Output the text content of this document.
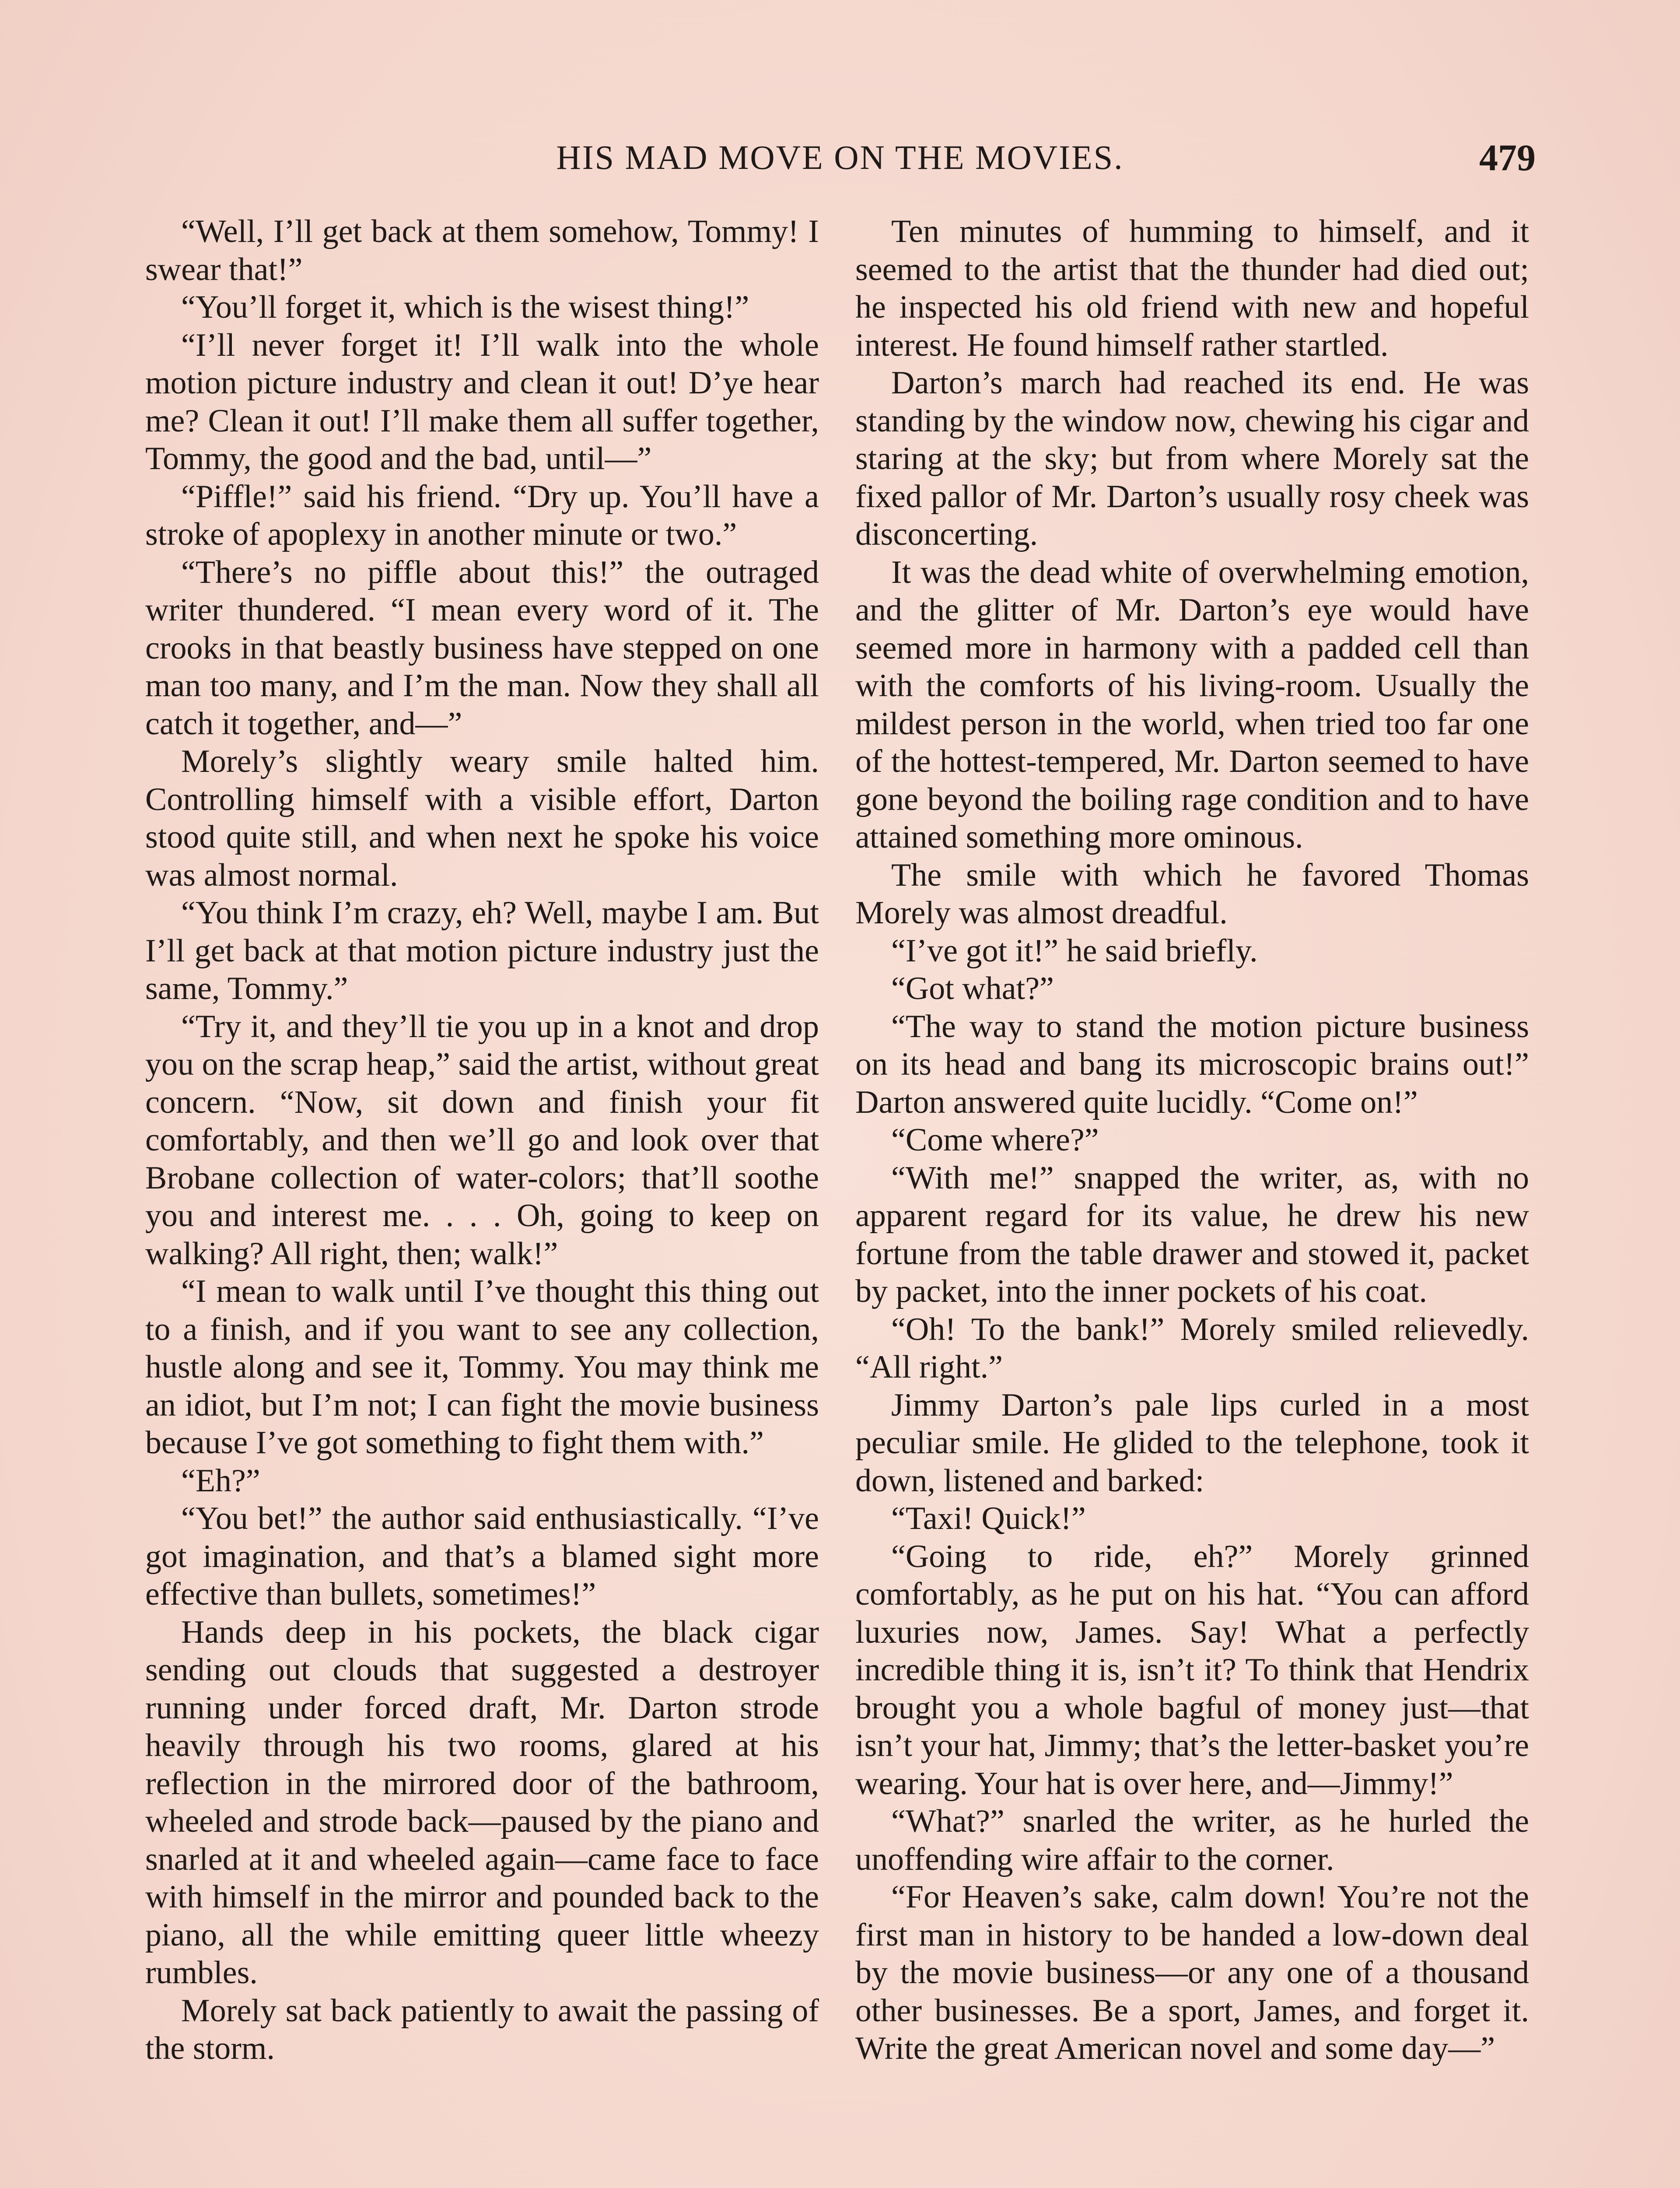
HIS MAD MOVE ON THE MOVIES.	479

“Well, I’ll get back at them somehow, Tommy! I swear that!”

“You’ll forget it, which is the wisest thing!”

“I’ll never forget it! I’ll walk into the whole motion picture industry and clean it out! D’ye hear me? Clean it out! I’ll make them all suffer together, Tommy, the good and the bad, until—”

“Piffle!” said his friend. “Dry up. You’ll have a stroke of apoplexy in another minute or two.”

“There’s no piffle about this!” the outraged writer thundered. “I mean every word of it. The crooks in that beastly business have stepped on one man too many, and I’m the man. Now they shall all catch it together, and—”

Morely’s slightly weary smile halted him. Controlling himself with a visible effort, Darton stood quite still, and when next he spoke his voice was almost normal.

“You think I’m crazy, eh? Well, maybe I am. But I’ll get back at that motion picture industry just the same, Tommy.”

“Try it, and they’ll tie you up in a knot and drop you on the scrap heap,” said the artist, without great concern. “Now, sit down and finish your fit comfortably, and then we’ll go and look over that Brobane collection of water-colors; that’ll soothe you and interest me. . . . Oh, going to keep on walking? All right, then; walk!”

“I mean to walk until I’ve thought this thing out to a finish, and if you want to see any collection, hustle along and see it, Tommy. You may think me an idiot, but I’m not; I can fight the movie business because I’ve got something to fight them with.”

“Eh?”

“You bet!” the author said enthusiastically. “I’ve got imagination, and that’s a blamed sight more effective than bullets, sometimes!”

Hands deep in his pockets, the black cigar sending out clouds that suggested a destroyer running under forced draft, Mr. Darton strode heavily through his two rooms, glared at his reflection in the mirrored door of the bathroom, wheeled and strode back—paused by the piano and snarled at it and wheeled again—came face to face with himself in the mirror and pounded back to the piano, all the while emitting queer little wheezy rumbles.

Morely sat back patiently to await the passing of the storm.

Ten minutes of humming to himself, and it seemed to the artist that the thunder had died out; he inspected his old friend with new and hopeful interest. He found himself rather startled.

Darton’s march had reached its end. He was standing by the window now, chewing his cigar and staring at the sky; but from where Morely sat the fixed pallor of Mr. Darton’s usually rosy cheek was disconcerting.

It was the dead white of overwhelming emotion, and the glitter of Mr. Darton’s eye would have seemed more in harmony with a padded cell than with the comforts of his living-room. Usually the mildest person in the world, when tried too far one of the hottest-tempered, Mr. Darton seemed to have gone beyond the boiling rage condition and to have attained something more ominous.

The smile with which he favored Thomas Morely was almost dreadful.

“I’ve got it!” he said briefly.

“Got what?”

“The way to stand the motion picture business on its head and bang its microscopic brains out!” Darton answered quite lucidly. “Come on!”

“Come where?”

“With me!” snapped the writer, as, with no apparent regard for its value, he drew his new fortune from the table drawer and stowed it, packet by packet, into the inner pockets of his coat.

“Oh! To the bank!” Morely smiled relievedly. “All right.”

Jimmy Darton’s pale lips curled in a most peculiar smile. He glided to the telephone, took it down, listened and barked:

“Taxi! Quick!”

“Going to ride, eh?” Morely grinned comfortably, as he put on his hat. “You can afford luxuries now, James. Say! What a perfectly incredible thing it is, isn’t it? To think that Hendrix brought you a whole bagful of money just—that isn’t your hat, Jimmy; that’s the letter-basket you’re wearing. Your hat is over here, and—Jimmy!”

“What?” snarled the writer, as he hurled the unoffending wire affair to the corner.

“For Heaven’s sake, calm down! You’re not the first man in history to be handed a low-down deal by the movie business—or any one of a thousand other businesses. Be a sport, James, and forget it. Write the great American novel and some day—”
